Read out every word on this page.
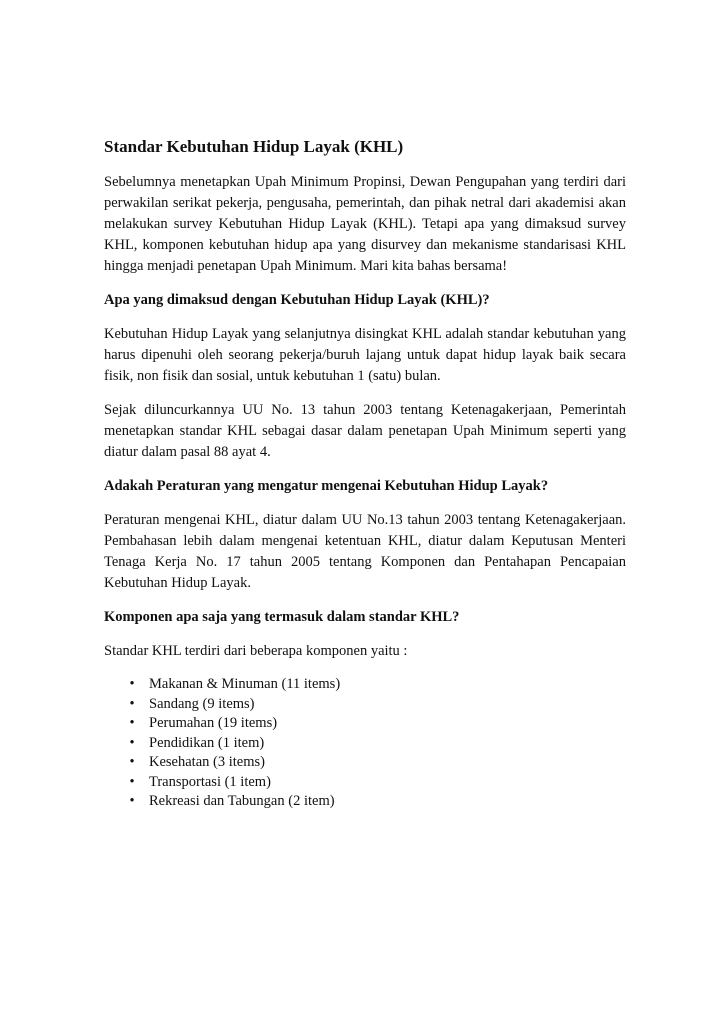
Standar Kebutuhan Hidup Layak (KHL)

Sebelumnya menetapkan Upah Minimum Propinsi, Dewan Pengupahan yang terdiri dari perwakilan serikat pekerja, pengusaha, pemerintah, dan pihak netral dari akademisi akan melakukan survey Kebutuhan Hidup Layak (KHL). Tetapi apa yang dimaksud survey KHL, komponen kebutuhan hidup apa yang disurvey dan mekanisme standarisasi KHL hingga menjadi penetapan Upah Minimum. Mari kita bahas bersama!

Apa yang dimaksud dengan Kebutuhan Hidup Layak (KHL)?

Kebutuhan Hidup Layak yang selanjutnya disingkat KHL adalah standar kebutuhan yang harus dipenuhi oleh seorang pekerja/buruh lajang untuk dapat hidup layak baik secara fisik, non fisik dan sosial, untuk kebutuhan 1 (satu) bulan.

Sejak diluncurkannya UU No. 13 tahun 2003 tentang Ketenagakerjaan, Pemerintah menetapkan standar KHL sebagai dasar dalam penetapan Upah Minimum seperti yang diatur dalam pasal 88 ayat 4.

Adakah Peraturan yang mengatur mengenai Kebutuhan Hidup Layak?

Peraturan mengenai KHL, diatur dalam UU No.13 tahun 2003 tentang Ketenagakerjaan. Pembahasan lebih dalam mengenai ketentuan KHL, diatur dalam Keputusan Menteri Tenaga Kerja No. 17 tahun 2005 tentang Komponen dan Pentahapan Pencapaian Kebutuhan Hidup Layak.

Komponen apa saja yang termasuk dalam standar KHL?

Standar KHL terdiri dari beberapa komponen yaitu :

• Makanan & Minuman (11 items)
• Sandang (9 items)
• Perumahan (19 items)
• Pendidikan (1 item)
• Kesehatan (3 items)
• Transportasi (1 item)
• Rekreasi dan Tabungan (2 item)
